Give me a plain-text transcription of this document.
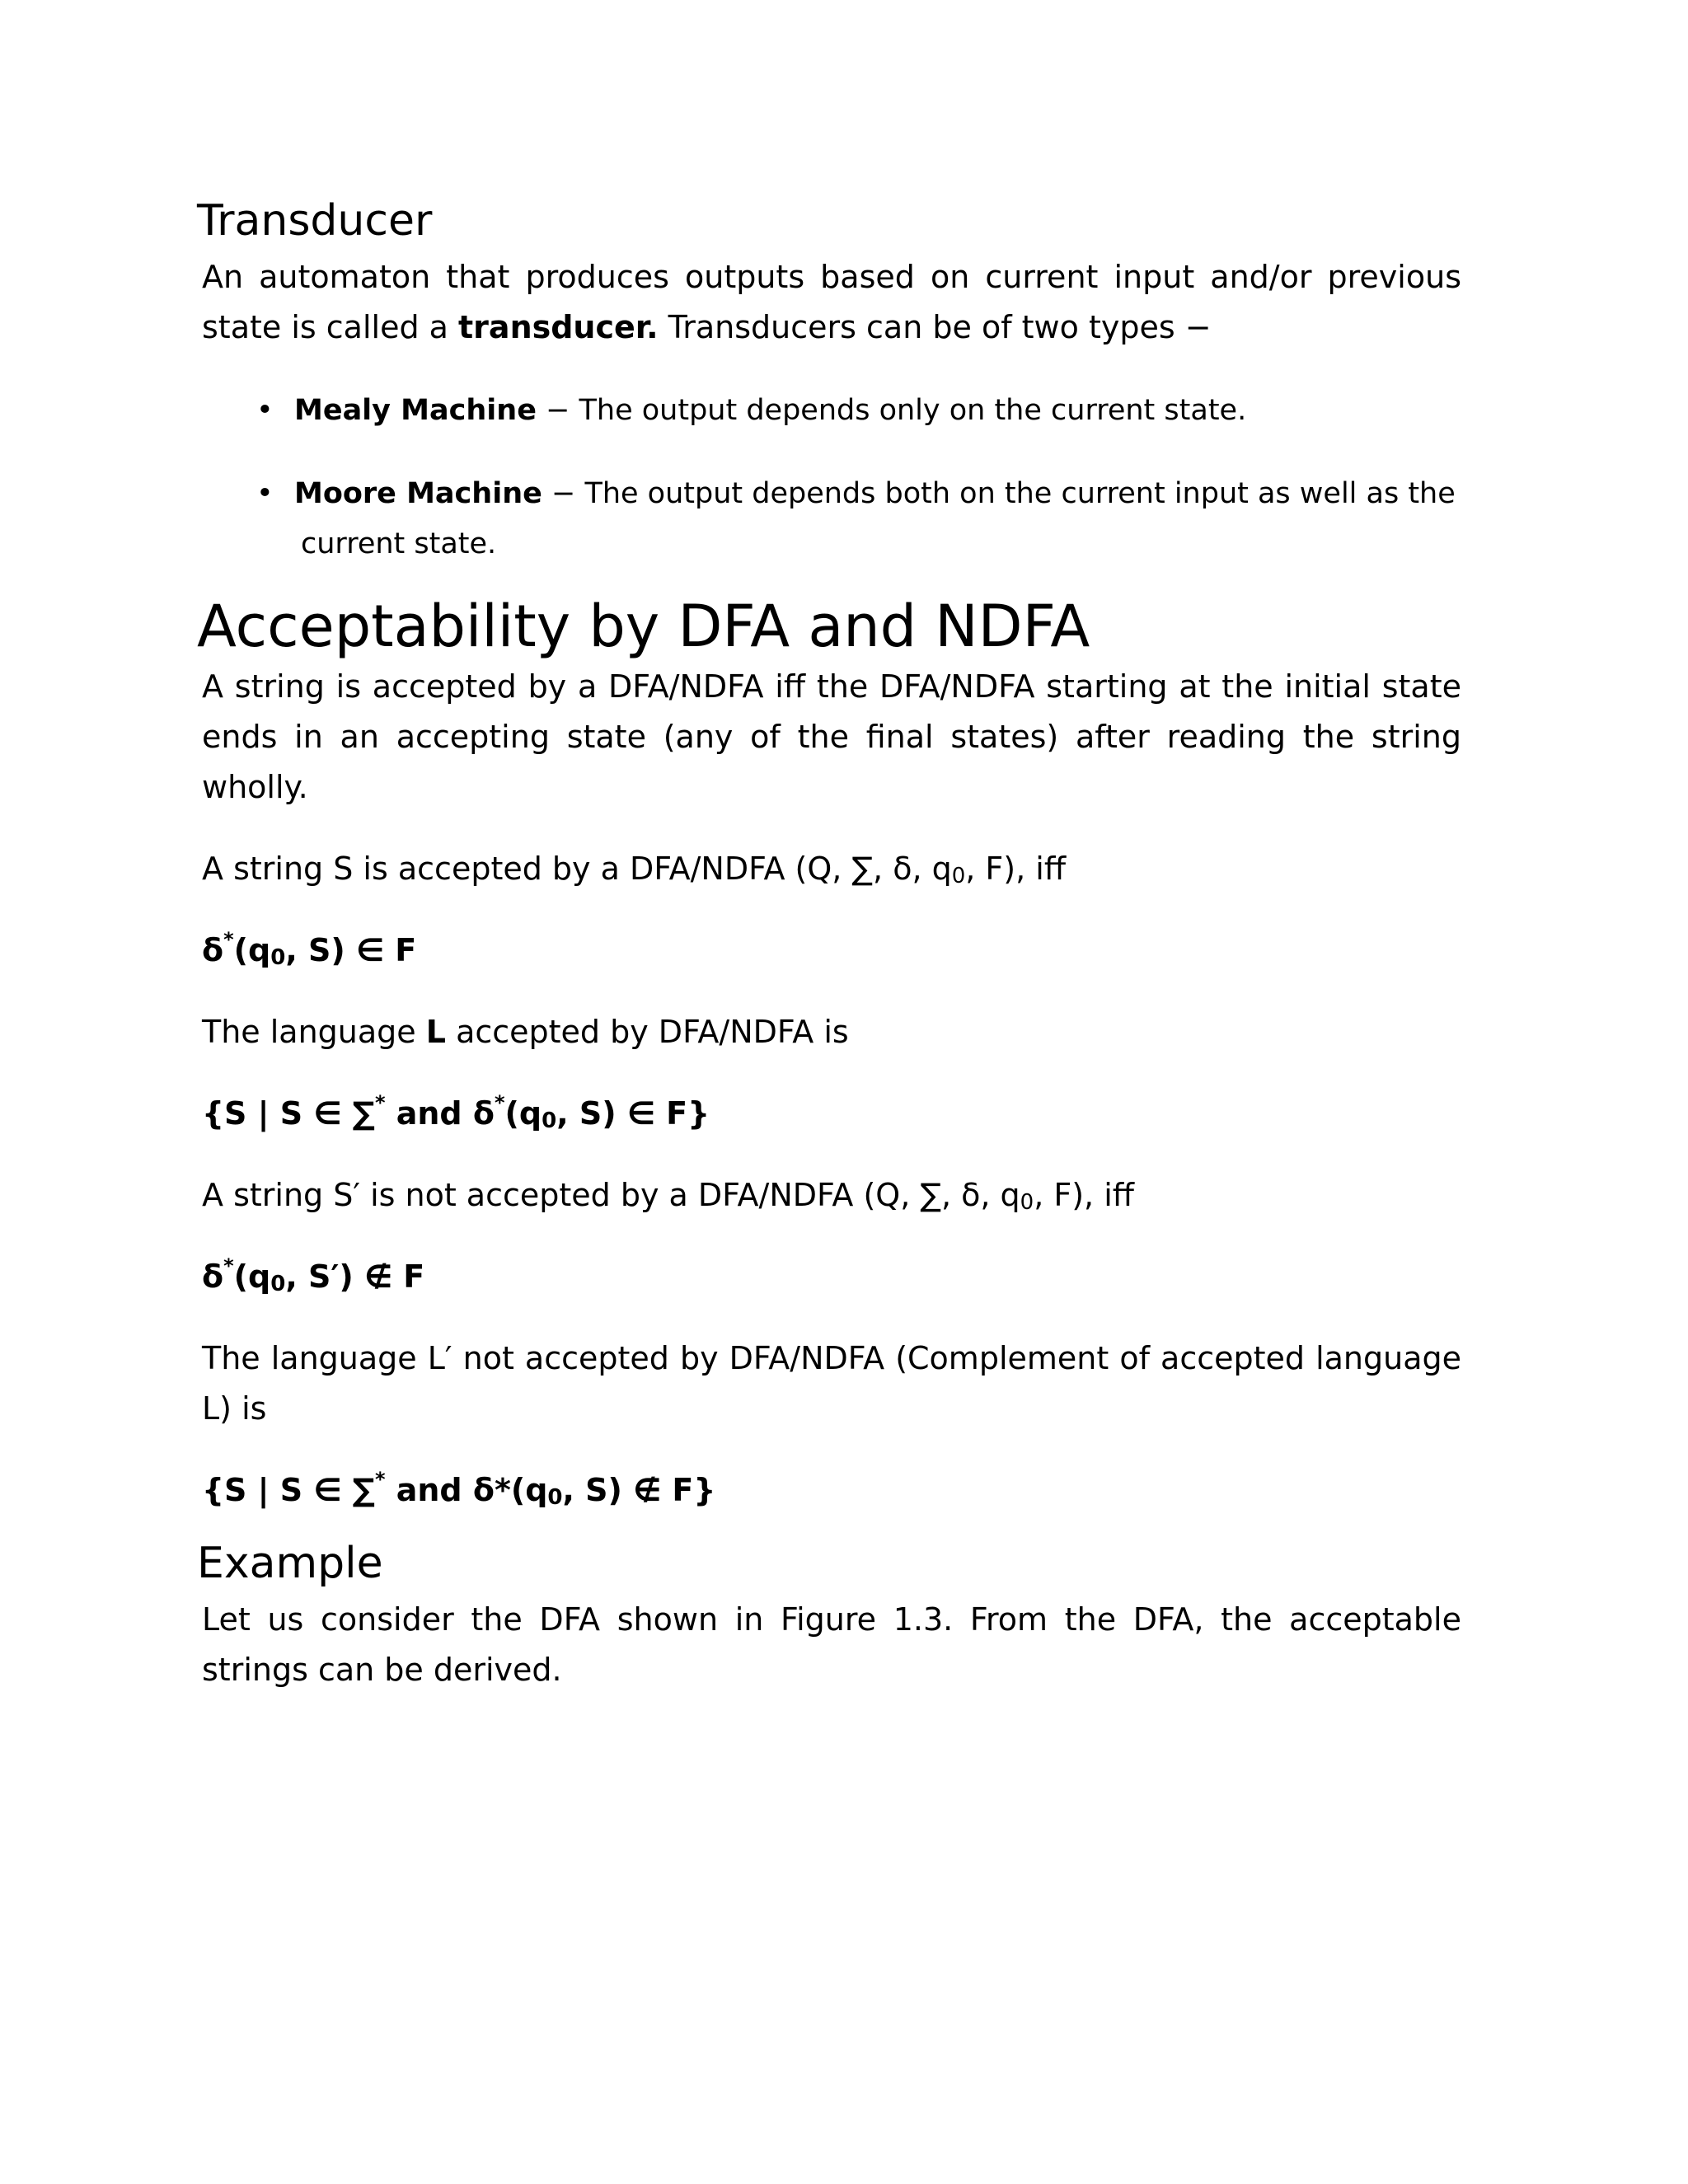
Transducer

An automaton that produces outputs based on current input and/or previous state is called a transducer. Transducers can be of two types −

• Mealy Machine − The output depends only on the current state.
• Moore Machine − The output depends both on the current input as well as the
current state.
Acceptability by DFA and NDFA

A string is accepted by a DFA/NDFA iff the DFA/NDFA starting at the initial state ends in an accepting state (any of the final states) after reading the string wholly.

A string S is accepted by a DFA/NDFA (Q, ∑, δ, $q_0$, F), iff

$\delta^*(q_0$, S) ∈ F

The language L accepted by DFA/NDFA is

{S | S ∈ ∑* and $\delta^*(q_0$, S) ∈ F}

A string S′ is not accepted by a DFA/NDFA (Q, ∑, δ, $q_0$, F), iff

$\delta^*(q_0$, S′) ∉ F

The language L′ not accepted by DFA/NDFA (Complement of accepted language L) is

{S | S ∈ ∑* and $\delta*(q_0$, S) ∉ F}

Example

Let us consider the DFA shown in Figure 1.3. From the DFA, the acceptable strings can be derived.
